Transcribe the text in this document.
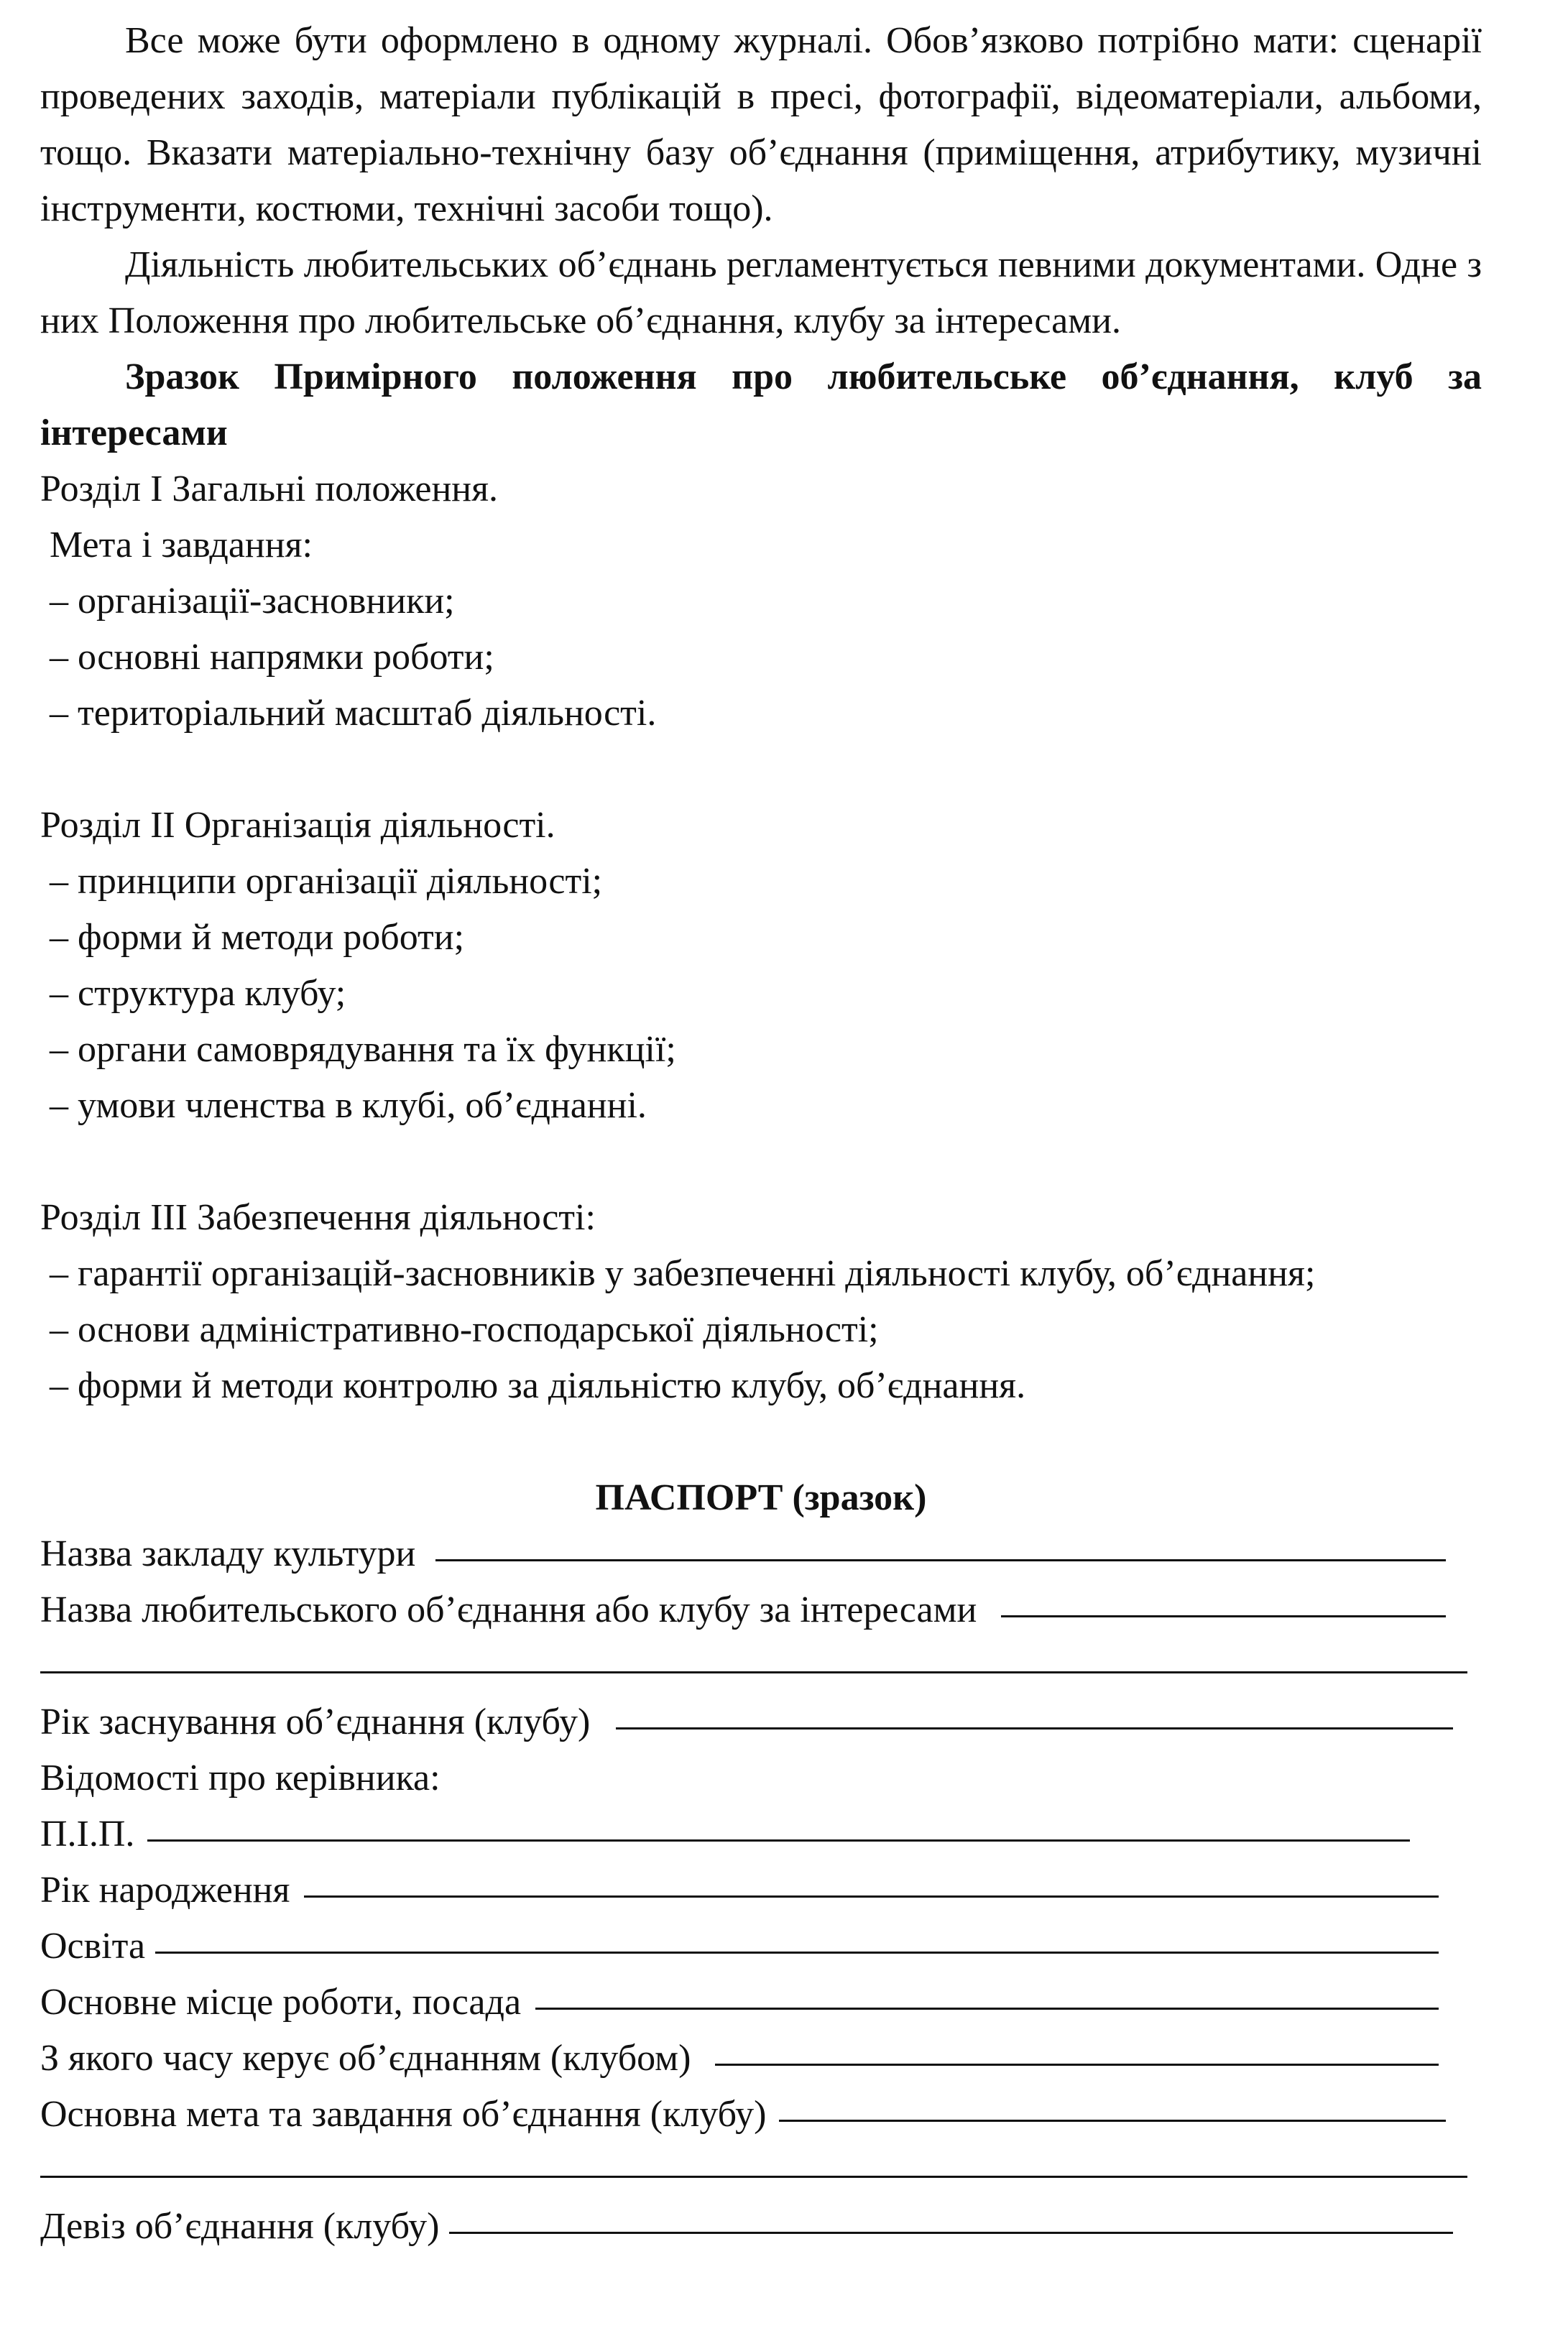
Все може бути оформлено в одному журналі. Обов’язково потрібно мати: сценарії проведених заходів, матеріали публікацій в пресі, фотографії, відеоматеріали, альбоми, тощо. Вказати матеріально-технічну базу об’єднання (приміщення, атрибутику, музичні інструменти, костюми, технічні засоби тощо).

Діяльність любительських об’єднань регламентується певними документами. Одне з них Положення про любительське об’єднання, клубу за інтересами.

Зразок Примірного положення про любительське об’єднання, клуб за інтересами

Розділ І Загальні положення.

Мета і завдання:

– організації-засновники;

– основні напрямки роботи;

– територіальний масштаб діяльності.

Розділ ІІ Організація діяльності.

– принципи організації діяльності;

– форми й методи роботи;

– структура клубу;

– органи самоврядування та їх функції;

– умови членства в клубі, об’єднанні.

Розділ ІІІ Забезпечення діяльності:

– гарантії організацій-засновників у забезпеченні діяльності клубу, об’єднання;

– основи адміністративно-господарської діяльності;

– форми й методи контролю за діяльністю клубу, об’єднання.

ПАСПОРТ (зразок)

Назва закладу культури
Назва любительського об’єднання або клубу за інтересами
Рік заснування об’єднання (клубу)

Відомості про керівника:

П.І.П.
Рік народження
Освіта
Основне місце роботи, посада
З якого часу керує об’єднанням (клубом)
Основна мета та завдання об’єднання (клубу)
Девіз об’єднання (клубу)
